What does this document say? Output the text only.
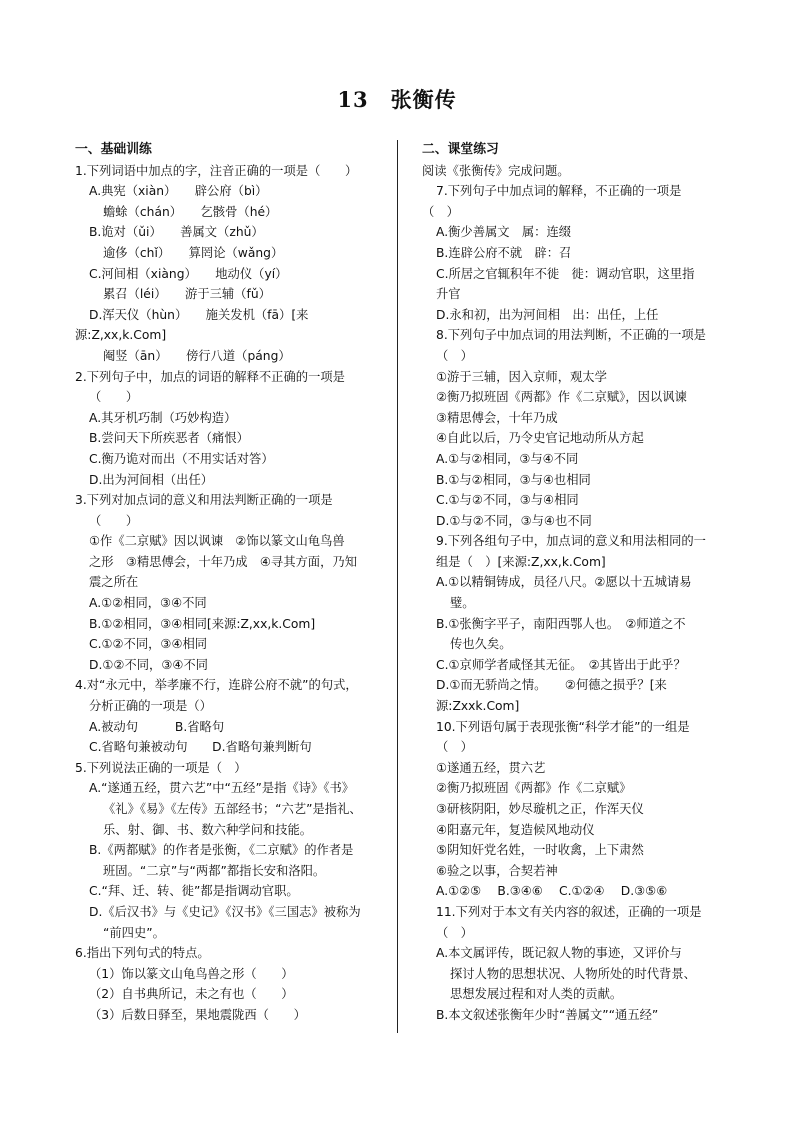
13　张衡传
一、基础训练
1.下列词语中加点的字，注音正确的一项是（　　）
A.典宪（xiàn）　　辟公府（bì）
蟾蜍（chán）　　乞骸骨（hé）
B.诡对（ǔi）　　善属文（zhǔ）
逾侈（chǐ）　　算罔论（wǎng）
C.河间相（xiàng）　　地动仪（yí）
累召（léi）　　游于三辅（fǔ）
D.浑天仪（hùn）　　施关发机（fā）[来
源:Z,xx,k.Com]
阉竖（ān）　　傍行八道（páng）
2.下列句子中，加点的词语的解释不正确的一项是
（　　）
A.其牙机巧制（巧妙构造）
B.尝问天下所疾恶者（痛恨）
C.衡乃诡对而出（不用实话对答）
D.出为河间相（出任）
3.下列对加点词的意义和用法判断正确的一项是
（　　）
①作《二京赋》因以讽谏　②饰以篆文山龟鸟兽
之形　③精思傅会，十年乃成　④寻其方面，乃知
震之所在
A.①②相同，③④不同
B.①②相同，③④相同[来源:Z,xx,k.Com]
C.①②不同，③④相同
D.①②不同，③④不同
4.对“永元中，举孝廉不行，连辟公府不就”的句式，
分析正确的一项是（）
A.被动句　　　B.省略句
C.省略句兼被动句　　D.省略句兼判断句
5.下列说法正确的一项是（　）
A.“遂通五经，贯六艺”中“五经”是指《诗》《书》
《礼》《易》《左传》五部经书；“六艺”是指礼、
乐、射、御、书、数六种学问和技能。
B.《两都赋》的作者是张衡，《二京赋》的作者是
班固。“二京”与“两都”都指长安和洛阳。
C.“拜、迁、转、徙”都是指调动官职。
D.《后汉书》与《史记》《汉书》《三国志》被称为
“前四史”。
6.指出下列句式的特点。
（1）饰以篆文山龟鸟兽之形（　　）
（2）自书典所记，未之有也（　　）
（3）后数日驿至，果地震陇西（　　）
二、课堂练习
阅读《张衡传》完成问题。
7.下列句子中加点词的解释，不正确的一项是
（　）
A.衡少善属文　属：连缀
B.连辟公府不就　辟：召
C.所居之官辄积年不徙　徙：调动官职，这里指
升官
D.永和初，出为河间相　出：出任，上任
8.下列句子中加点词的用法判断，不正确的一项是
（　）
①游于三辅，因入京师，观太学
②衡乃拟班固《两都》作《二京赋》，因以讽谏
③精思傅会，十年乃成
④自此以后，乃令史官记地动所从方起
A.①与②相同，③与④不同
B.①与②相同，③与④也相同
C.①与②不同，③与④相同
D.①与②不同，③与④也不同
9.下列各组句子中，加点词的意义和用法相同的一
组是（　）[来源:Z,xx,k.Com]
A.①以精铜铸成，员径八尺。②愿以十五城请易
璧。
B.①张衡字平子，南阳西鄂人也。　②师道之不
传也久矣。
C.①京师学者咸怪其无征。　②其皆出于此乎？
D.①而无骄尚之情。　　②何德之损乎？[来
源:Zxxk.Com]
10.下列语句属于表现张衡“科学才能”的一组是
（　）
①遂通五经，贯六艺
②衡乃拟班固《两都》作《二京赋》
③研核阴阳，妙尽璇机之正，作浑天仪
④阳嘉元年，复造候风地动仪
⑤阴知奸党名姓，一时收禽，上下肃然
⑥验之以事，合契若神
A.①②⑤　 B.③④⑥　 C.①②④　 D.③⑤⑥
11.下列对于本文有关内容的叙述，正确的一项是
（　）
A.本文属评传，既记叙人物的事迹，又评价与
探讨人物的思想状况、人物所处的时代背景、
思想发展过程和对人类的贡献。
B.本文叙述张衡年少时“善属文”“通五经”
